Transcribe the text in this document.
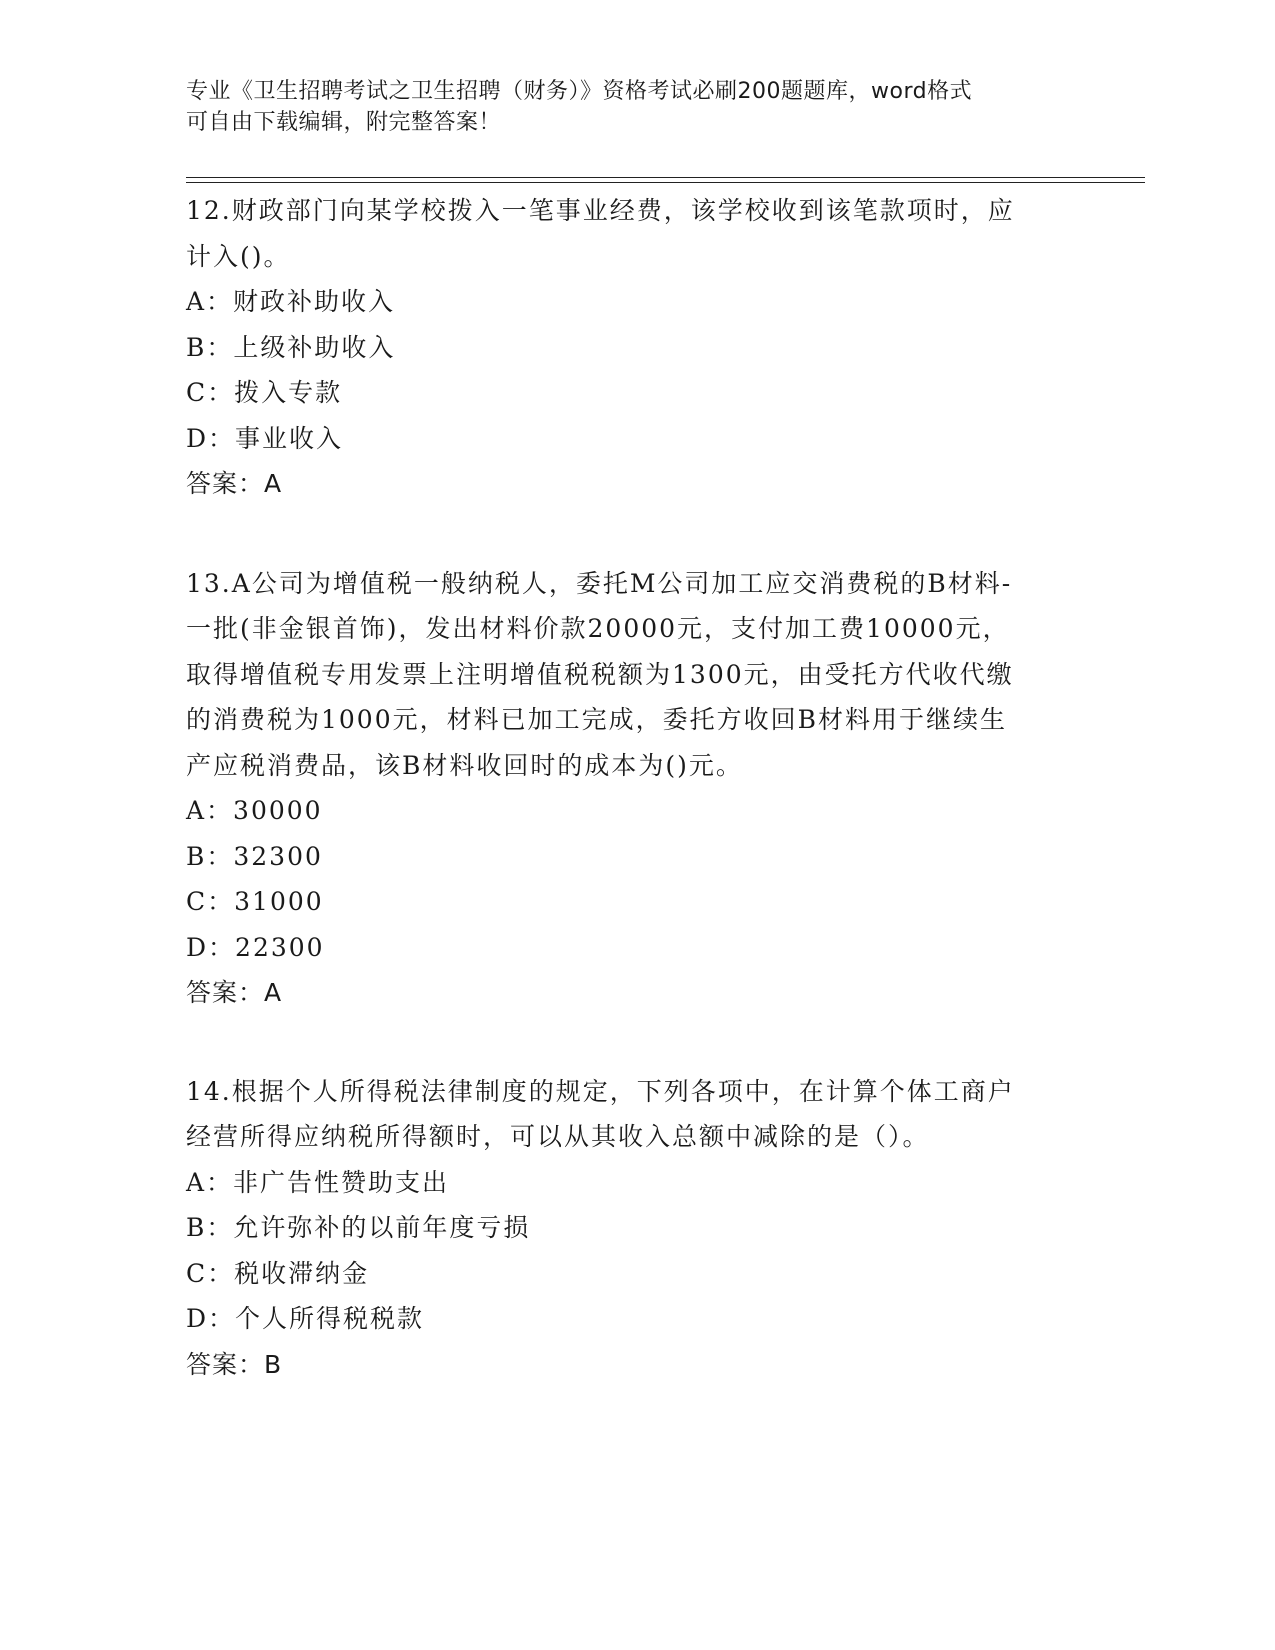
专业《卫生招聘考试之卫生招聘（财务）》资格考试必刷200题题库，word格式
可自由下载编辑，附完整答案！
12.财政部门向某学校拨入一笔事业经费，该学校收到该笔款项时，应
计入()。
A：财政补助收入
B：上级补助收入
C：拨入专款
D：事业收入
答案：A
13.A公司为增值税一般纳税人，委托M公司加工应交消费税的B材料-
一批(非金银首饰)，发出材料价款20000元，支付加工费10000元，
取得增值税专用发票上注明增值税税额为1300元，由受托方代收代缴
的消费税为1000元，材料已加工完成，委托方收回B材料用于继续生
产应税消费品，该B材料收回时的成本为()元。
A：30000
B：32300
C：31000
D：22300
答案：A
14.根据个人所得税法律制度的规定，下列各项中，在计算个体工商户
经营所得应纳税所得额时，可以从其收入总额中减除的是（）。
A：非广告性赞助支出
B：允许弥补的以前年度亏损
C：税收滞纳金
D：个人所得税税款
答案：B
